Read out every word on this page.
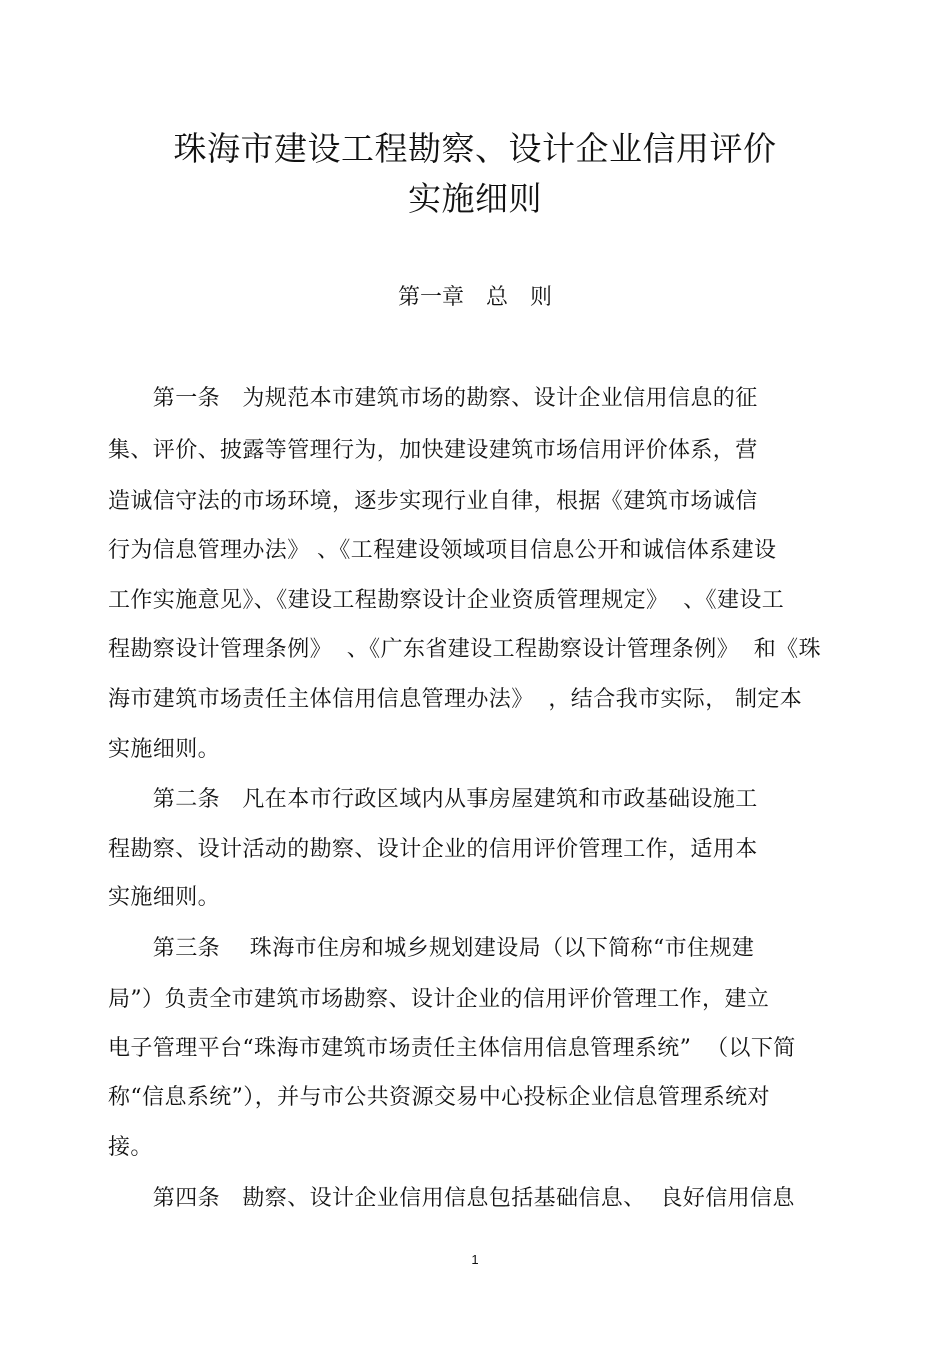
珠海市建设工程勘察、设计企业信用评价
实施细则
第一章　总　则
　　第一条　为规范本市建筑市场的勘察、设计企业信用信息的征
集、评价、披露等管理行为，加快建设建筑市场信用评价体系，营
造诚信守法的市场环境，逐步实现行业自律，根据《建筑市场诚信
行为信息管理办法》 、《工程建设领域项目信息公开和诚信体系建设
工作实施意见》、《建设工程勘察设计企业资质管理规定》  、《建设工
程勘察设计管理条例》  、《广东省建设工程勘察设计管理条例》  和《珠
海市建筑市场责任主体信用信息管理办法》  ，结合我市实际， 制定本
实施细则。
　　第二条　凡在本市行政区域内从事房屋建筑和市政基础设施工
程勘察、设计活动的勘察、设计企业的信用评价管理工作，适用本
实施细则。
　　第三条　 珠海市住房和城乡规划建设局（以下简称“市住规建
局”）负责全市建筑市场勘察、设计企业的信用评价管理工作，建立
电子管理平台“珠海市建筑市场责任主体信用信息管理系统”  （以下简
称“信息系统”），并与市公共资源交易中心投标企业信息管理系统对
接。
　　第四条　勘察、设计企业信用信息包括基础信息、  良好信用信息
1
